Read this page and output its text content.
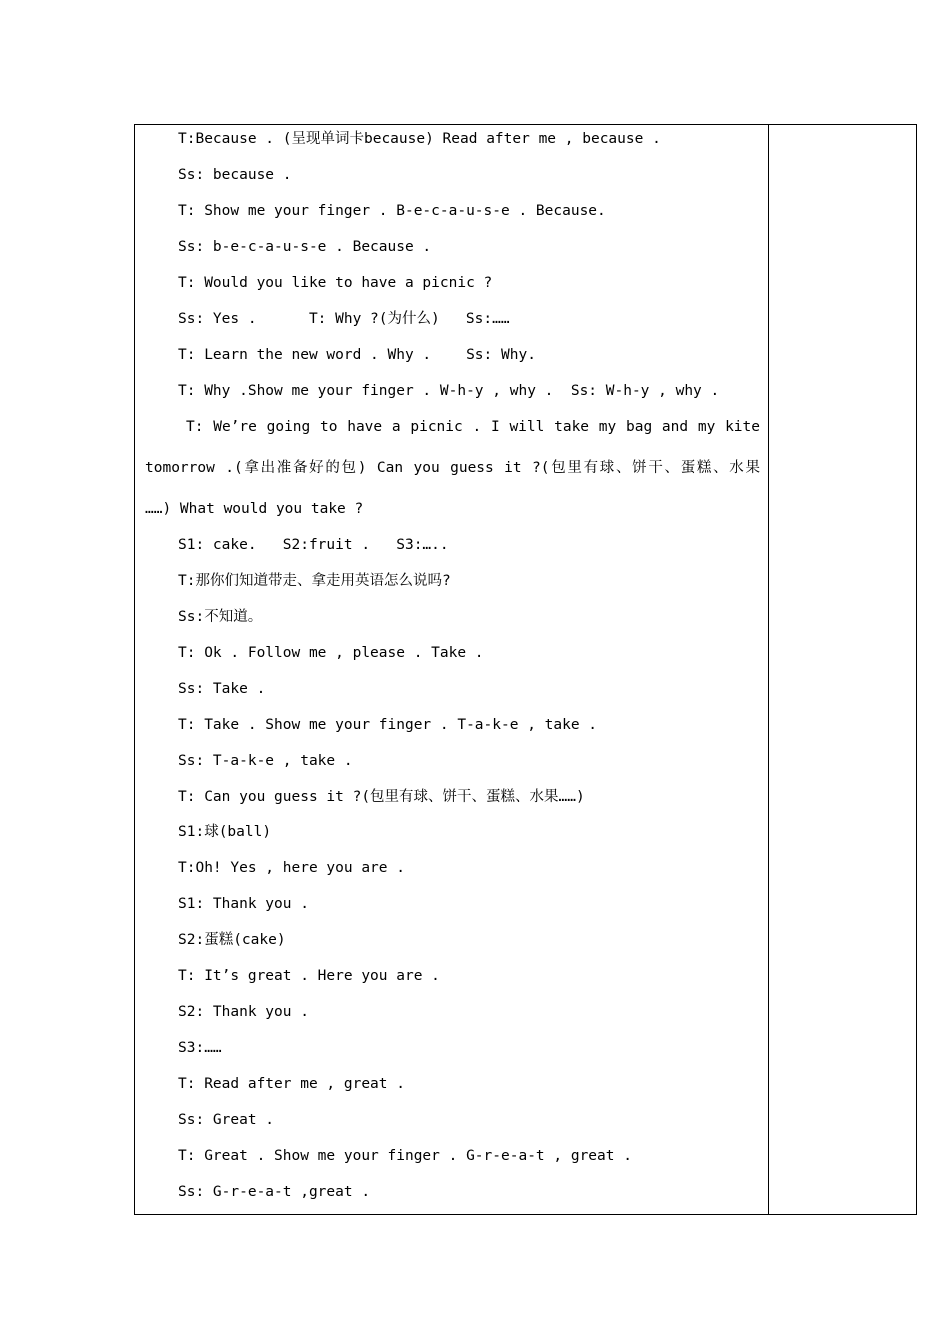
T:Because . (呈现单词卡because) Read after me , because .
Ss: because .
T: Show me your finger . B-e-c-a-u-s-e . Because.
Ss: b-e-c-a-u-s-e . Because .
T: Would you like to have a picnic ?
Ss: Yes .      T: Why ?(为什么)   Ss:……
T: Learn the new word . Why .    Ss: Why.
T: Why .Show me your finger . W-h-y , why .  Ss: W-h-y , why .
T: We’re going to have a picnic . I will take my bag and my kite
tomorrow .(拿出准备好的包) Can you guess it ?(包里有球、饼干、蛋糕、水果
……) What would you take ?
S1: cake.   S2:fruit .   S3:…..
T:那你们知道带走、拿走用英语怎么说吗?
Ss:不知道。
T: Ok . Follow me , please . Take .
Ss: Take .
T: Take . Show me your finger . T-a-k-e , take .
Ss: T-a-k-e , take .
T: Can you guess it ?(包里有球、饼干、蛋糕、水果……)
S1:球(ball)
T:Oh! Yes , here you are .
S1: Thank you .
S2:蛋糕(cake)
T: It’s great . Here you are .
S2: Thank you .
S3:……
T: Read after me , great .
Ss: Great .
T: Great . Show me your finger . G-r-e-a-t , great .
Ss: G-r-e-a-t ,great .
